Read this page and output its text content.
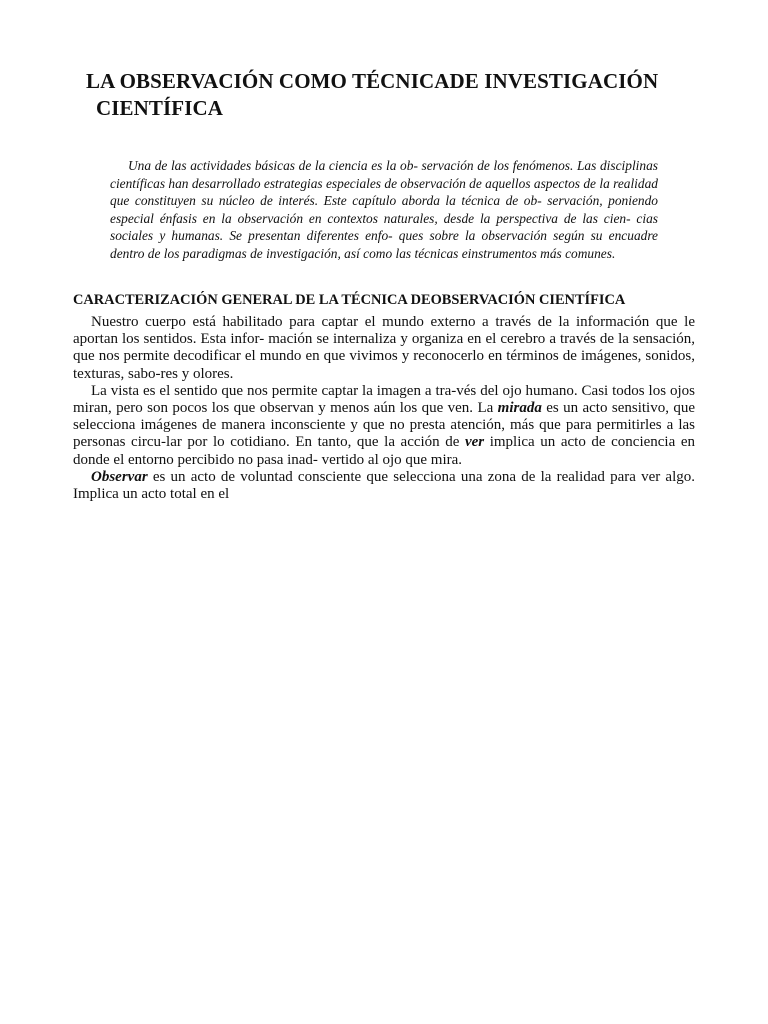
LA OBSERVACIÓN COMO TÉCNICADE INVESTIGACIÓN
CIENTÍFICA

Una de las actividades básicas de la ciencia es la ob- servación de los fenómenos. Las disciplinas científicas han desarrollado estrategias especiales de observación de aquellos aspectos de la realidad que constituyen su núcleo de interés. Este capítulo aborda la técnica de ob- servación, poniendo especial énfasis en la observación en contextos naturales, desde la perspectiva de las cien- cias sociales y humanas. Se presentan diferentes enfo- ques sobre la observación según su encuadre dentro de los paradigmas de investigación, así como las técnicas einstrumentos más comunes.

CARACTERIZACIÓN GENERAL DE LA TÉCNICA DEOBSERVACIÓN CIENTÍFICA

Nuestro cuerpo está habilitado para captar el mundo externo a través de la información que le aportan los sentidos. Esta infor- mación se internaliza y organiza en el cerebro a través de la sensación, que nos permite decodificar el mundo en que vivimos y reconocerlo en términos de imágenes, sonidos, texturas, sabo-res y olores.

La vista es el sentido que nos permite captar la imagen a tra-vés del ojo humano. Casi todos los ojos miran, pero son pocos los que observan y menos aún los que ven. La mirada es un acto sensitivo, que selecciona imágenes de manera inconsciente y que no presta atención, más que para permitirles a las personas circu-lar por lo cotidiano. En tanto, que la acción de ver implica un acto de conciencia en donde el entorno percibido no pasa inad- vertido al ojo que mira.

Observar es un acto de voluntad consciente que selecciona una zona de la realidad para ver algo. Implica un acto total en el
